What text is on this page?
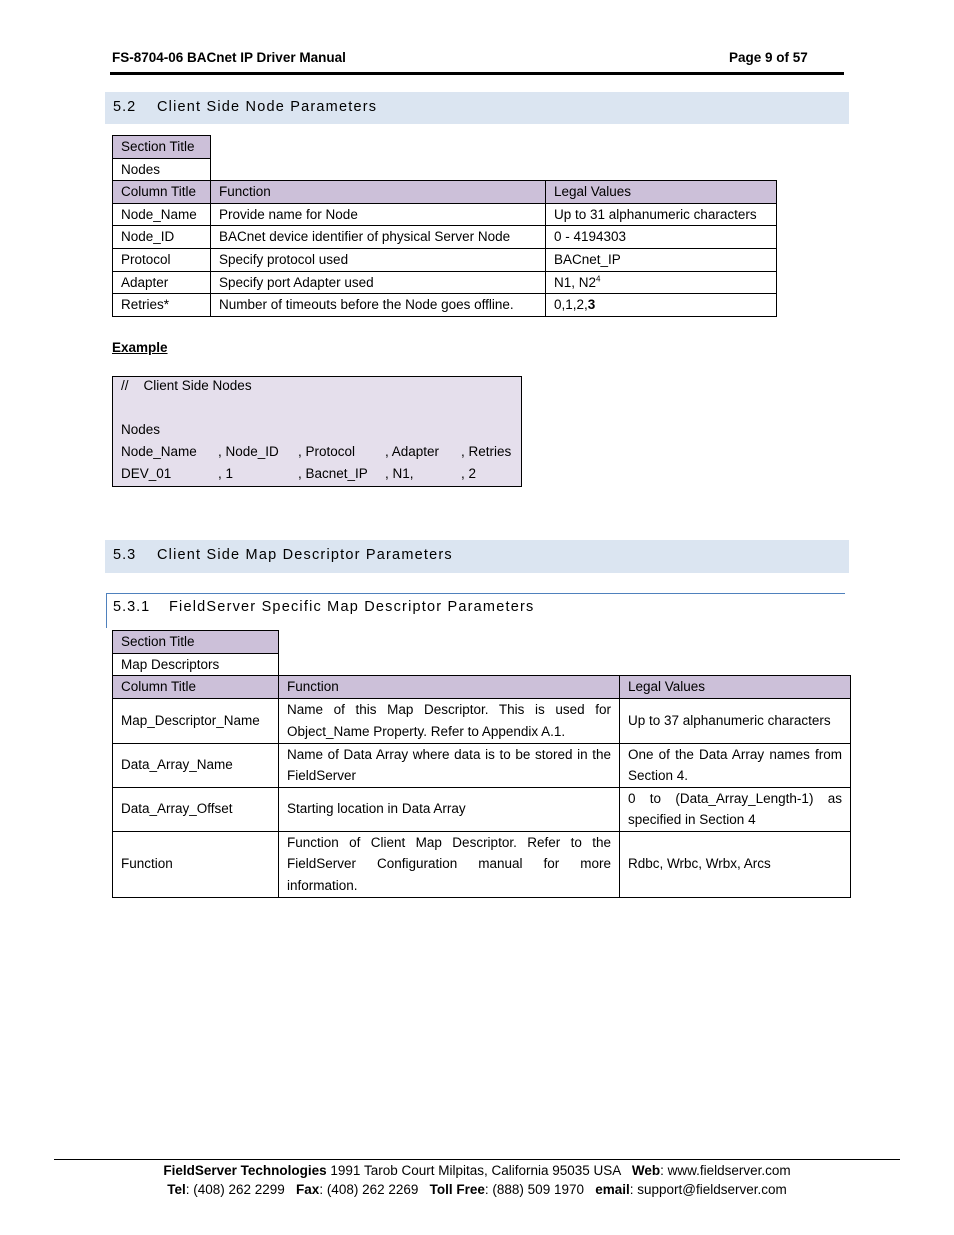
FS-8704-06 BACnet IP Driver Manual	Page 9 of 57
5.2 Client Side Node Parameters
Section Title
Nodes
Column Title	Function	Legal Values
Node_Name	Provide name for Node	Up to 31 alphanumeric characters
Node_ID	BACnet device identifier of physical Server Node	0 - 4194303
Protocol	Specify protocol used	BACnet_IP
Adapter	Specify port Adapter used	N1, $N2^4$
Retries*	Number of timeouts before the Node goes offline.	0,1,2,3
Example
//    Client Side Nodes
Nodes
Node_Name , Node_ID , Protocol , Adapter , Retries
DEV_01	, 1	, Bacnet_IP , N1,	, 2
5.3 Client Side Map Descriptor Parameters
5.3.1 FieldServer Specific Map Descriptor Parameters
Section Title
Map Descriptors
Column Title	Function	Legal Values
Map_Descriptor_Name	Name of this Map Descriptor. This is used for Object_Name Property. Refer to Appendix A.1.	Up to 37 alphanumeric characters
Data_Array_Name	Name of Data Array where data is to be stored in the FieldServer	One of the Data Array names from Section 4.
Data_Array_Offset	Starting location in Data Array	0 to (Data_Array_Length-1) as specified in Section 4
Function	Function of Client Map Descriptor. Refer to the FieldServer Configuration manual for more information.	Rdbc, Wrbc, Wrbx, Arcs
FieldServer Technologies 1991 Tarob Court Milpitas, California 95035 USA   Web: www.fieldserver.com
Tel: (408) 262 2299   Fax: (408) 262 2269   Toll Free: (888) 509 1970   email: support@fieldserver.com
